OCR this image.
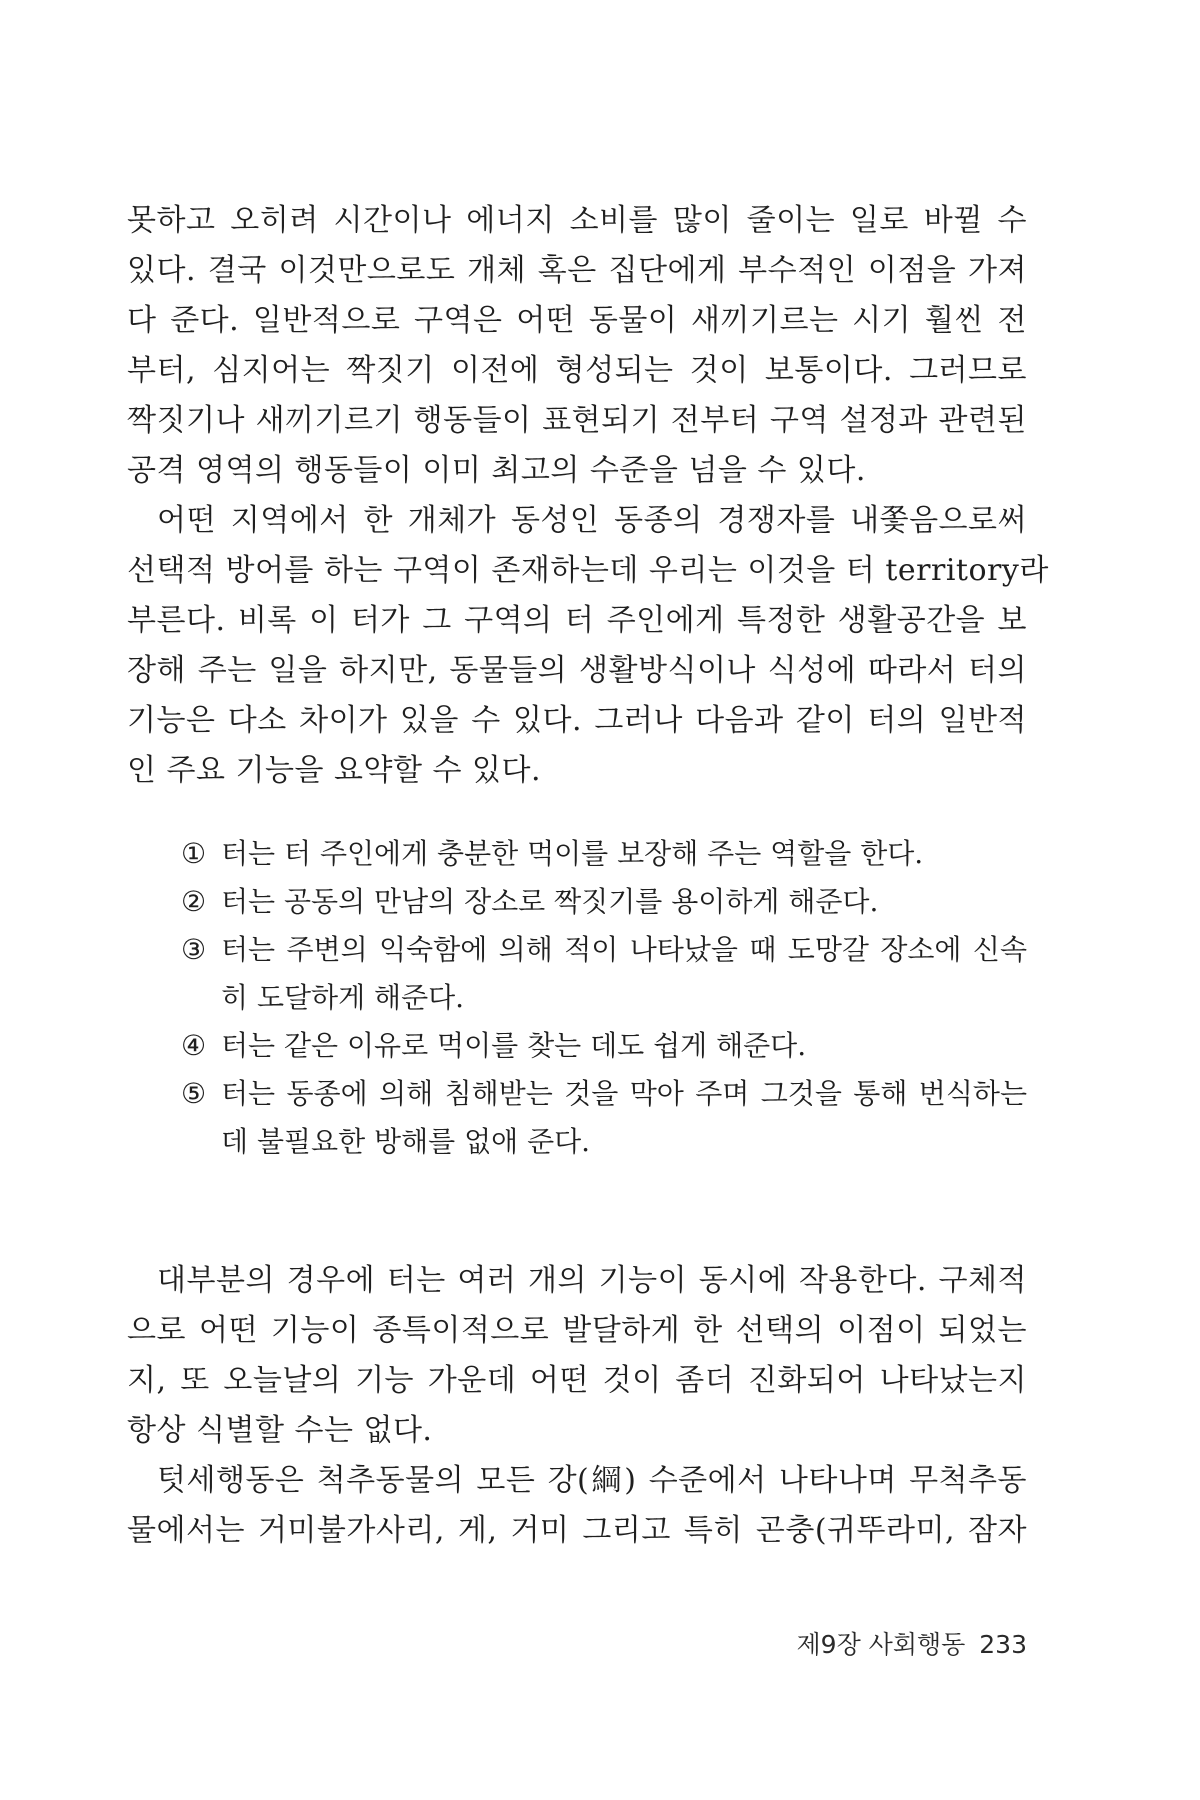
못하고 오히려 시간이나 에너지 소비를 많이 줄이는 일로 바뀔 수
있다. 결국 이것만으로도 개체 혹은 집단에게 부수적인 이점을 가져
다 준다. 일반적으로 구역은 어떤 동물이 새끼기르는 시기 훨씬 전
부터, 심지어는 짝짓기 이전에 형성되는 것이 보통이다. 그러므로
짝짓기나 새끼기르기 행동들이 표현되기 전부터 구역 설정과 관련된
공격 영역의 행동들이 이미 최고의 수준을 넘을 수 있다.
어떤 지역에서 한 개체가 동성인 동종의 경쟁자를 내쫓음으로써
선택적 방어를 하는 구역이 존재하는데 우리는 이것을 터 territory라
부른다. 비록 이 터가 그 구역의 터 주인에게 특정한 생활공간을 보
장해 주는 일을 하지만, 동물들의 생활방식이나 식성에 따라서 터의
기능은 다소 차이가 있을 수 있다. 그러나 다음과 같이 터의 일반적
인 주요 기능을 요약할 수 있다.
① 터는 터 주인에게 충분한 먹이를 보장해 주는 역할을 한다.
② 터는 공동의 만남의 장소로 짝짓기를 용이하게 해준다.
③ 터는 주변의 익숙함에 의해 적이 나타났을 때 도망갈 장소에 신속
히 도달하게 해준다.
④ 터는 같은 이유로 먹이를 찾는 데도 쉽게 해준다.
⑤ 터는 동종에 의해 침해받는 것을 막아 주며 그것을 통해 번식하는
데 불필요한 방해를 없애 준다.
대부분의 경우에 터는 여러 개의 기능이 동시에 작용한다. 구체적
으로 어떤 기능이 종특이적으로 발달하게 한 선택의 이점이 되었는
지, 또 오늘날의 기능 가운데 어떤 것이 좀더 진화되어 나타났는지
항상 식별할 수는 없다.
텃세행동은 척추동물의 모든 강(綱) 수준에서 나타나며 무척추동
물에서는 거미불가사리, 게, 거미 그리고 특히 곤충(귀뚜라미, 잠자
제9장 사회행동 233
